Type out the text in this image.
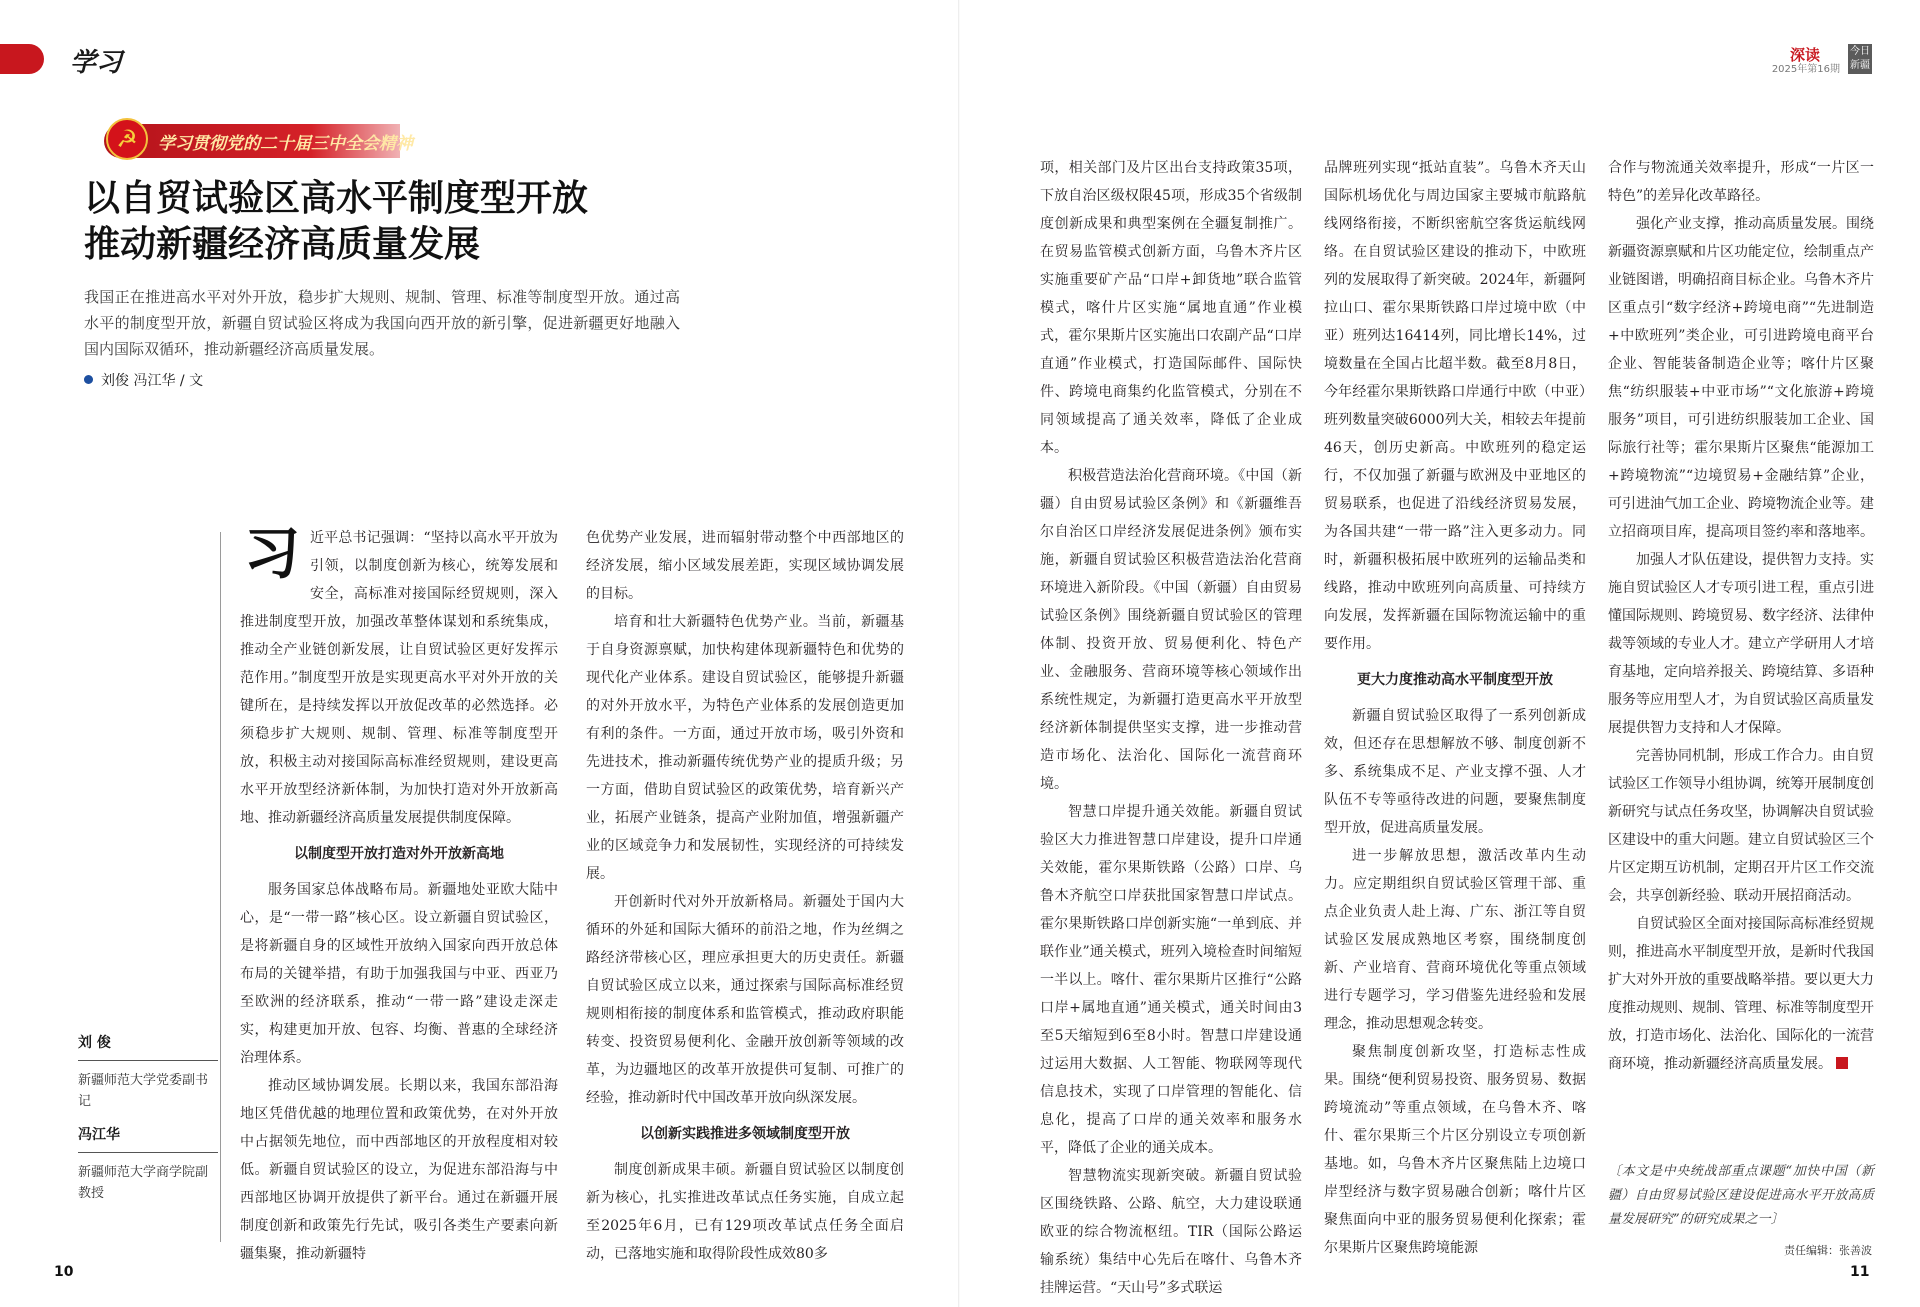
学习
☭	学习贯彻党的二十届三中全会精神
以自贸试验区高水平制度型开放
推动新疆经济高质量发展
我国正在推进高水平对外开放，稳步扩大规则、规制、管理、标准等制度型开放。通过高水平的制度型开放，新疆自贸试验区将成为我国向西开放的新引擎，促进新疆更好地融入国内国际双循环，推动新疆经济高质量发展。
刘俊 冯江华 / 文
刘 俊
新疆师范大学党委副书记
冯江华
新疆师范大学商学院副教授
习 近平总书记强调：“坚持以高水平开放为引领，以制度创新为核心，统筹发展和安全，高标准对接国际经贸规则，深入推进制度型开放，加强改革整体谋划和系统集成，推动全产业链创新发展，让自贸试验区更好发挥示范作用。”制度型开放是实现更高水平对外开放的关键所在，是持续发挥以开放促改革的必然选择。必须稳步扩大规则、规制、管理、标准等制度型开放，积极主动对接国际高标准经贸规则，建设更高水平开放型经济新体制，为加快打造对外开放新高地、推动新疆经济高质量发展提供制度保障。

以制度型开放打造对外开放新高地

服务国家总体战略布局。新疆地处亚欧大陆中心，是“一带一路”核心区。设立新疆自贸试验区，是将新疆自身的区域性开放纳入国家向西开放总体布局的关键举措，有助于加强我国与中亚、西亚乃至欧洲的经济联系，推动“一带一路”建设走深走实，构建更加开放、包容、均衡、普惠的全球经济治理体系。

推动区域协调发展。长期以来，我国东部沿海地区凭借优越的地理位置和政策优势，在对外开放中占据领先地位，而中西部地区的开放程度相对较低。新疆自贸试验区的设立，为促进东部沿海与中西部地区协调开放提供了新平台。通过在新疆开展制度创新和政策先行先试，吸引各类生产要素向新疆集聚，推动新疆特

色优势产业发展，进而辐射带动整个中西部地区的经济发展，缩小区域发展差距，实现区域协调发展的目标。

培育和壮大新疆特色优势产业。当前，新疆基于自身资源禀赋，加快构建体现新疆特色和优势的现代化产业体系。建设自贸试验区，能够提升新疆的对外开放水平，为特色产业体系的发展创造更加有利的条件。一方面，通过开放市场，吸引外资和先进技术，推动新疆传统优势产业的提质升级；另一方面，借助自贸试验区的政策优势，培育新兴产业，拓展产业链条，提高产业附加值，增强新疆产业的区域竞争力和发展韧性，实现经济的可持续发展。

开创新时代对外开放新格局。新疆处于国内大循环的外延和国际大循环的前沿之地，作为丝绸之路经济带核心区，理应承担更大的历史责任。新疆自贸试验区成立以来，通过探索与国际高标准经贸规则相衔接的制度体系和监管模式，推动政府职能转变、投资贸易便利化、金融开放创新等领域的改革，为边疆地区的改革开放提供可复制、可推广的经验，推动新时代中国改革开放向纵深发展。

以创新实践推进多领域制度型开放

制度创新成果丰硕。新疆自贸试验区以制度创新为核心，扎实推进改革试点任务实施，自成立起至2025年6月，已有129项改革试点任务全面启动，已落地实施和取得阶段性成效80多

10
深读
2025年第16期
今日新疆

项，相关部门及片区出台支持政策35项，下放自治区级权限45项，形成35个省级制度创新成果和典型案例在全疆复制推广。在贸易监管模式创新方面，乌鲁木齐片区实施重要矿产品“口岸+卸货地”联合监管模式，喀什片区实施“属地直通”作业模式，霍尔果斯片区实施出口农副产品“口岸直通”作业模式，打造国际邮件、国际快件、跨境电商集约化监管模式，分别在不同领域提高了通关效率，降低了企业成本。

积极营造法治化营商环境。《中国（新疆）自由贸易试验区条例》和《新疆维吾尔自治区口岸经济发展促进条例》颁布实施，新疆自贸试验区积极营造法治化营商环境进入新阶段。《中国（新疆）自由贸易试验区条例》围绕新疆自贸试验区的管理体制、投资开放、贸易便利化、特色产业、金融服务、营商环境等核心领域作出系统性规定，为新疆打造更高水平开放型经济新体制提供坚实支撑，进一步推动营造市场化、法治化、国际化一流营商环境。

智慧口岸提升通关效能。新疆自贸试验区大力推进智慧口岸建设，提升口岸通关效能，霍尔果斯铁路（公路）口岸、乌鲁木齐航空口岸获批国家智慧口岸试点。霍尔果斯铁路口岸创新实施“一单到底、并联作业”通关模式，班列入境检查时间缩短一半以上。喀什、霍尔果斯片区推行“公路口岸+属地直通”通关模式，通关时间由3至5天缩短到6至8小时。智慧口岸建设通过运用大数据、人工智能、物联网等现代信息技术，实现了口岸管理的智能化、信息化，提高了口岸的通关效率和服务水平，降低了企业的通关成本。

智慧物流实现新突破。新疆自贸试验区围绕铁路、公路、航空，大力建设联通欧亚的综合物流枢纽。TIR（国际公路运输系统）集结中心先后在喀什、乌鲁木齐挂牌运营。“天山号”多式联运

品牌班列实现“抵站直装”。乌鲁木齐天山国际机场优化与周边国家主要城市航路航线网络衔接，不断织密航空客货运航线网络。在自贸试验区建设的推动下，中欧班列的发展取得了新突破。2024年，新疆阿拉山口、霍尔果斯铁路口岸过境中欧（中亚）班列达16414列，同比增长14%，过境数量在全国占比超半数。截至8月8日，今年经霍尔果斯铁路口岸通行中欧（中亚）班列数量突破6000列大关，相较去年提前46天，创历史新高。中欧班列的稳定运行，不仅加强了新疆与欧洲及中亚地区的贸易联系，也促进了沿线经济贸易发展，为各国共建“一带一路”注入更多动力。同时，新疆积极拓展中欧班列的运输品类和线路，推动中欧班列向高质量、可持续方向发展，发挥新疆在国际物流运输中的重要作用。

更大力度推动高水平制度型开放

新疆自贸试验区取得了一系列创新成效，但还存在思想解放不够、制度创新不多、系统集成不足、产业支撑不强、人才队伍不专等亟待改进的问题，要聚焦制度型开放，促进高质量发展。

进一步解放思想，激活改革内生动力。应定期组织自贸试验区管理干部、重点企业负责人赴上海、广东、浙江等自贸试验区发展成熟地区考察，围绕制度创新、产业培育、营商环境优化等重点领域进行专题学习，学习借鉴先进经验和发展理念，推动思想观念转变。

聚焦制度创新攻坚，打造标志性成果。围绕“便利贸易投资、服务贸易、数据跨境流动”等重点领域，在乌鲁木齐、喀什、霍尔果斯三个片区分别设立专项创新基地。如，乌鲁木齐片区聚焦陆上边境口岸型经济与数字贸易融合创新；喀什片区聚焦面向中亚的服务贸易便利化探索；霍尔果斯片区聚焦跨境能源

合作与物流通关效率提升，形成“一片区一特色”的差异化改革路径。

强化产业支撑，推动高质量发展。围绕新疆资源禀赋和片区功能定位，绘制重点产业链图谱，明确招商目标企业。乌鲁木齐片区重点引“数字经济+跨境电商”“先进制造+中欧班列”类企业，可引进跨境电商平台企业、智能装备制造企业等；喀什片区聚焦“纺织服装+中亚市场”“文化旅游+跨境服务”项目，可引进纺织服装加工企业、国际旅行社等；霍尔果斯片区聚焦“能源加工+跨境物流”“边境贸易+金融结算”企业，可引进油气加工企业、跨境物流企业等。建立招商项目库，提高项目签约率和落地率。

加强人才队伍建设，提供智力支持。实施自贸试验区人才专项引进工程，重点引进懂国际规则、跨境贸易、数字经济、法律仲裁等领域的专业人才。建立产学研用人才培育基地，定向培养报关、跨境结算、多语种服务等应用型人才，为自贸试验区高质量发展提供智力支持和人才保障。

完善协同机制，形成工作合力。由自贸试验区工作领导小组协调，统筹开展制度创新研究与试点任务攻坚，协调解决自贸试验区建设中的重大问题。建立自贸试验区三个片区定期互访机制，定期召开片区工作交流会，共享创新经验、联动开展招商活动。

自贸试验区全面对接国际高标准经贸规则，推进高水平制度型开放，是新时代我国扩大对外开放的重要战略举措。要以更大力度推动规则、规制、管理、标准等制度型开放，打造市场化、法治化、国际化的一流营商环境，推动新疆经济高质量发展。

〔本文是中央统战部重点课题“加快中国（新疆）自由贸易试验区建设促进高水平开放高质量发展研究”的研究成果之一〕
责任编辑：张善波
11
